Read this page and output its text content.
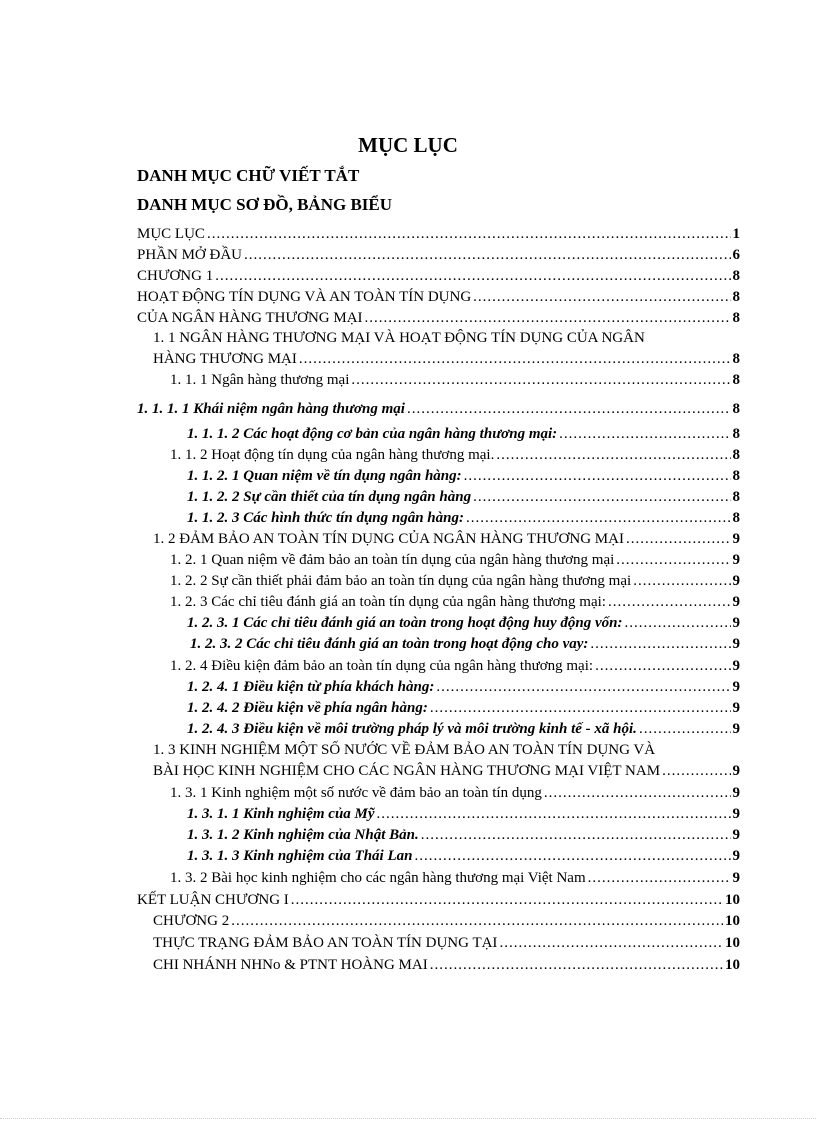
MỤC LỤC
DANH MỤC CHỮ VIẾT TẮT
DANH MỤC SƠ ĐỒ, BẢNG BIỂU
MỤC LỤC .....	1
PHẦN MỞ ĐẦU .....	6
CHƯƠNG 1 .....	8
HOẠT ĐỘNG TÍN DỤNG VÀ AN TOÀN TÍN DỤNG .....	8
CỦA NGÂN HÀNG THƯƠNG MẠI .....	8
1. 1 NGÂN HÀNG THƯƠNG MẠI VÀ HOẠT ĐỘNG TÍN DỤNG CỦA NGÂN
HÀNG THƯƠNG MẠI .....	8
1. 1. 1 Ngân hàng thương mại .....	8
1. 1. 1. 1 Khái niệm ngân hàng thương mại .....	8
1. 1. 1. 2 Các hoạt động cơ bản của ngân hàng thương mại: .....	8
1. 1. 2 Hoạt động tín dụng của ngân hàng thương mại. .....	8
1. 1. 2. 1 Quan niệm về tín dụng ngân hàng: .....	8
1. 1. 2. 2 Sự cần thiết của tín dụng ngân hàng .....	8
1. 1. 2. 3 Các hình thức tín dụng ngân hàng: .....	8
1. 2 ĐẢM BẢO AN TOÀN TÍN DỤNG CỦA NGÂN HÀNG THƯƠNG MẠI .....	9
1. 2. 1 Quan niệm về đảm bảo an toàn tín dụng của ngân hàng thương mại .....	9
1. 2. 2 Sự cần thiết phải đảm bảo an toàn tín dụng của ngân hàng thương mại .....	9
1. 2. 3 Các chỉ tiêu đánh giá an toàn tín dụng của ngân hàng thương mại: .....	9
1. 2. 3. 1 Các chỉ tiêu đánh giá an toàn trong hoạt động huy động vốn: .....	9
1. 2. 3. 2 Các chỉ tiêu đánh giá an toàn trong hoạt động cho vay: .....	9
1. 2. 4 Điều kiện đảm bảo an toàn tín dụng của ngân hàng thương mại: .....	9
1. 2. 4. 1 Điều kiện từ phía khách hàng: .....	9
1. 2. 4. 2 Điều kiện về phía ngân hàng: .....	9
1. 2. 4. 3 Điều kiện về môi trường pháp lý và môi trường kinh tế - xã hội. .....	9
1. 3 KINH NGHIỆM MỘT SỐ NƯỚC VỀ ĐẢM BẢO AN TOÀN TÍN DỤNG VÀ
BÀI HỌC KINH NGHIỆM CHO CÁC NGÂN HÀNG THƯƠNG MẠI VIỆT NAM .....	9
1. 3. 1 Kinh nghiệm một số nước về đảm bảo an toàn tín dụng .....	9
1. 3. 1. 1 Kinh nghiệm của Mỹ .....	9
1. 3. 1. 2 Kinh nghiệm của Nhật Bản. .....	9
1. 3. 1. 3 Kinh nghiệm của Thái Lan .....	9
1. 3. 2 Bài học kinh nghiệm cho các ngân hàng thương mại Việt Nam .....	9
KẾT LUẬN CHƯƠNG I .....	10
CHƯƠNG 2 .....	10
THỰC TRẠNG ĐẢM BẢO AN TOÀN TÍN DỤNG TẠI .....	10
CHI NHÁNH NHNo & PTNT HOÀNG MAI .....	10
